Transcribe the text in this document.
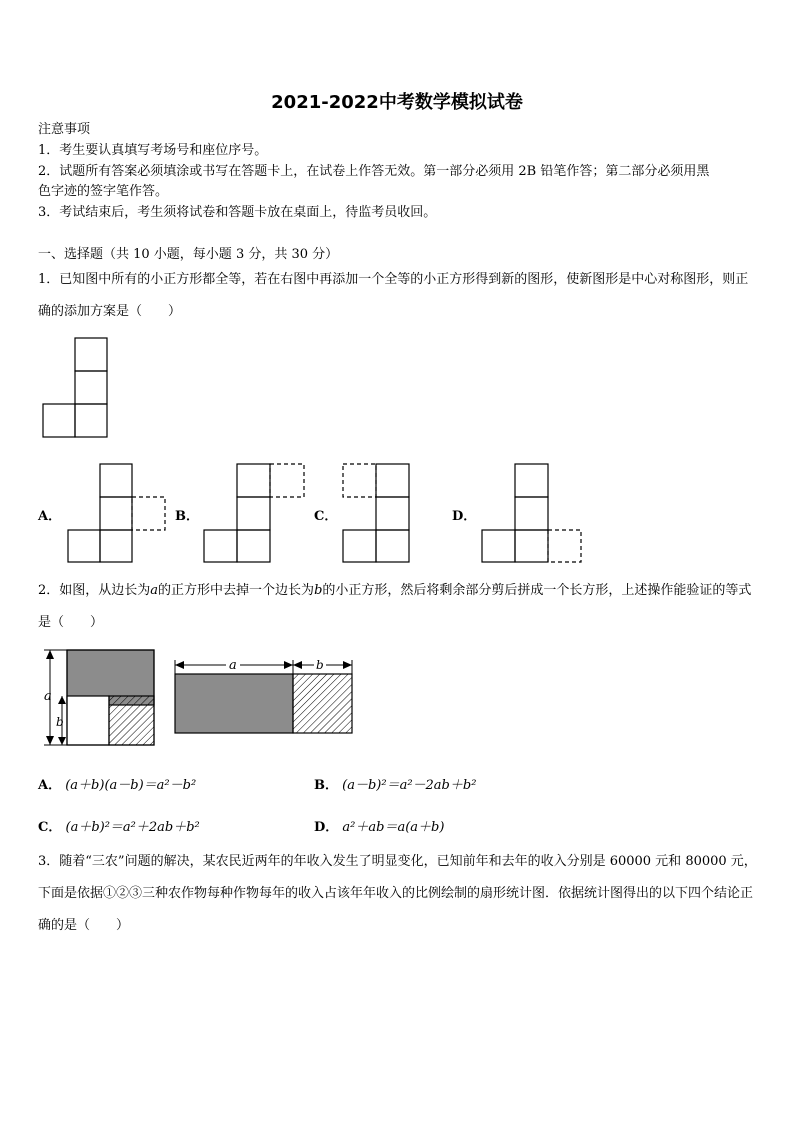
2021-2022中考数学模拟试卷
注意事项
1．考生要认真填写考场号和座位序号。
2．试题所有答案必须填涂或书写在答题卡上，在试卷上作答无效。第一部分必须用 2B 铅笔作答；第二部分必须用黑
色字迹的签字笔作答。
3．考试结束后，考生须将试卷和答题卡放在桌面上，待监考员收回。
一、选择题（共 10 小题，每小题 3 分，共 30 分）
1．已知图中所有的小正方形都全等，若在右图中再添加一个全等的小正方形得到新的图形，使新图形是中心对称图形，则正确的添加方案是（　　）
A．	B．	C．	D．
2．如图，从边长为a的正方形中去掉一个边长为b的小正方形，然后将剩余部分剪后拼成一个长方形，上述操作能验证的等式是（　　）
a
b
a	b
A． (a＋b)(a－b)＝a²－b²	B． (a－b)²＝a²－2ab＋b²
C． (a＋b)²＝a²＋2ab＋b²	D． a²＋ab＝a(a＋b)
3．随着“三农”问题的解决，某农民近两年的年收入发生了明显变化，已知前年和去年的收入分别是 60000 元和 80000 元，下面是依据①②③三种农作物每种作物每年的收入占该年年收入的比例绘制的扇形统计图．依据统计图得出的以下四个结论正确的是（　　）
